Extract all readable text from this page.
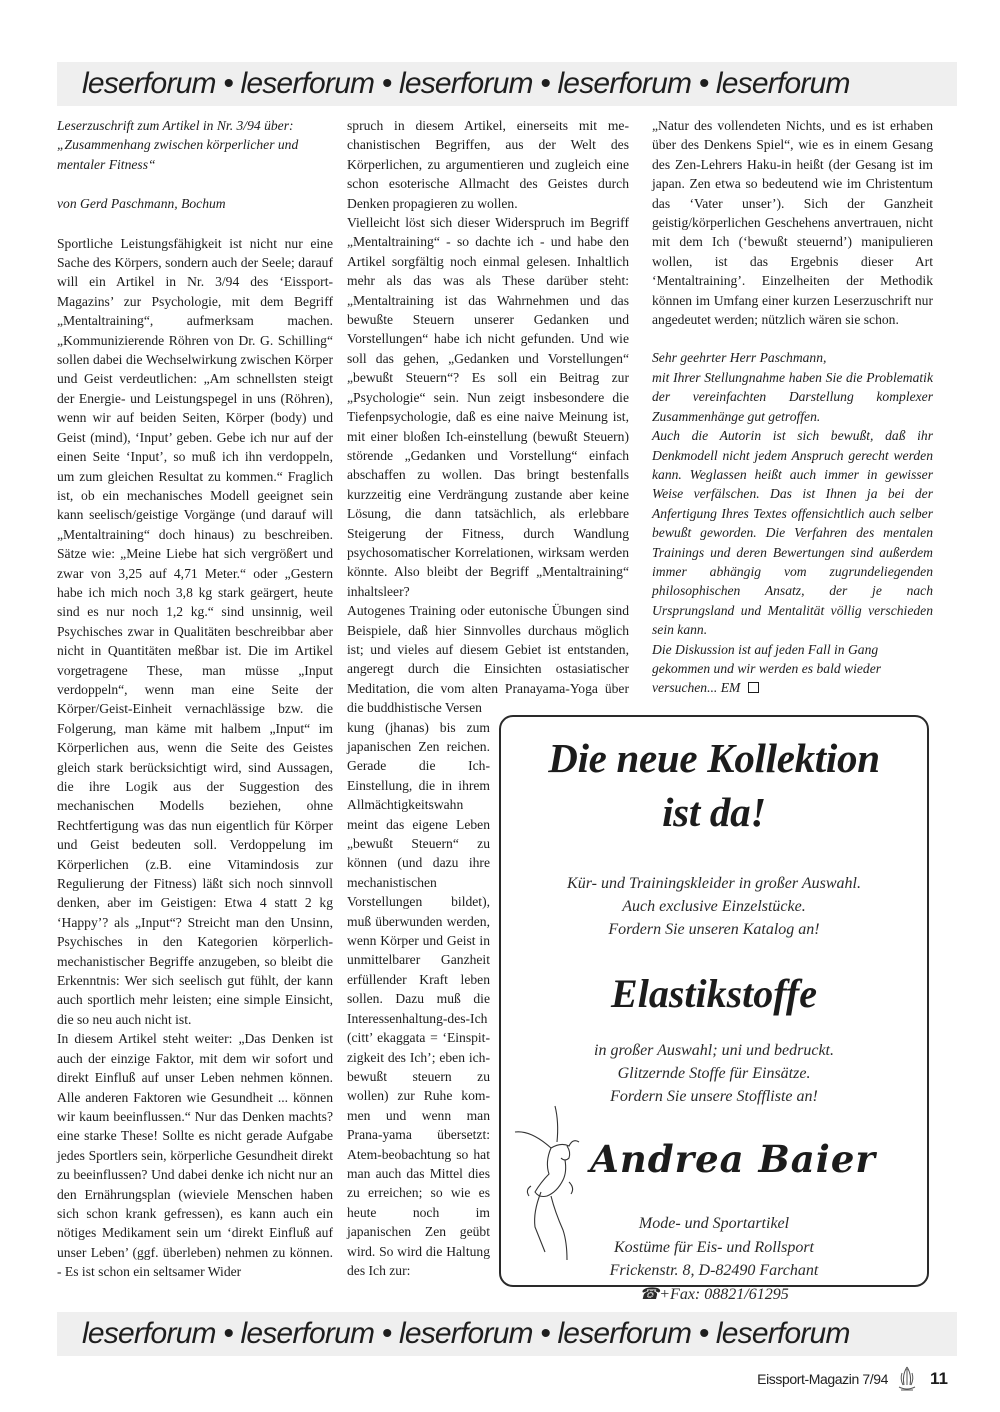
leserforum • leserforum • leserforum • leserforum • leserforum

Leserzuschrift zum Artikel in Nr. 3/94 über: „Zusammenhang zwischen körperlicher und mentaler Fitness“

von Gerd Paschmann, Bochum

Sportliche Leistungsfähigkeit ist nicht nur eine Sache des Körpers, sondern auch der Seele; darauf will ein Artikel in Nr. 3/94 des ‘Eissport-Magazins’ zur Psychologie, mit dem Begriff „Mentaltraining“, aufmerksam machen. „Kommunizierende Röhren von Dr. G. Schilling“ sollen dabei die Wechselwirkung zwischen Körper und Geist verdeutlichen: „Am schnellsten steigt der Energie- und Leistungspegel in uns (Röhren), wenn wir auf beiden Seiten, Körper (body) und Geist (mind), ‘Input’ geben. Gebe ich nur auf der einen Seite ‘Input’, so muß ich ihn verdoppeln, um zum gleichen Resultat zu kommen.“ Fraglich ist, ob ein mechanisches Modell geeignet sein kann seelisch/geistige Vorgänge (und darauf will „Mentaltraining“ doch hinaus) zu beschreiben. Sätze wie: „Meine Liebe hat sich vergrößert und zwar von 3,25 auf 4,71 Meter.“ oder „Gestern habe ich mich noch 3,8 kg stark geärgert, heute sind es nur noch 1,2 kg.“ sind unsinnig, weil Psychisches zwar in Qualitäten beschreibbar aber nicht in Quantitäten meßbar ist. Die im Artikel vorgetragene These, man müsse „Input verdoppeln“, wenn man eine Seite der Körper/Geist-Einheit vernachlässige bzw. die Folgerung, man käme mit halbem „Input“ im Körperlichen aus, wenn die Seite des Geistes gleich stark berücksichtigt wird, sind Aussagen, die ihre Logik aus der Suggestion des mechanischen Modells beziehen, ohne Rechtfertigung was das nun eigentlich für Körper und Geist bedeuten soll. Verdoppelung im Körperlichen (z.B. eine Vitamindosis zur Regulierung der Fitness) läßt sich noch sinnvoll denken, aber im Geistigen: Etwa 4 statt 2 kg ‘Happy’? als „Input“? Streicht man den Unsinn, Psychisches in den Kategorien körperlich-mechanistischer Begriffe anzugeben, so bleibt die Erkenntnis: Wer sich seelisch gut fühlt, der kann auch sportlich mehr leisten; eine simple Einsicht, die so neu auch nicht ist.

In diesem Artikel steht weiter: „Das Denken ist auch der einzige Faktor, mit dem wir sofort und direkt Einfluß auf unser Leben nehmen können. Alle anderen Faktoren wie Gesundheit ... können wir kaum beeinflussen.“ Nur das Denken machts? eine starke These! Sollte es nicht gerade Aufgabe jedes Sportlers sein, körperliche Gesundheit direkt zu beeinflussen? Und dabei denke ich nicht nur an den Ernährungsplan (wieviele Menschen haben sich schon krank gefressen), es kann auch ein nötiges Medikament sein um ‘direkt Einfluß auf unser Leben’ (ggf. überleben) nehmen zu können. - Es ist schon ein seltsamer Wider

spruch in diesem Artikel, einerseits mit mechanistischen Begriffen, aus der Welt des Körperlichen, zu argumentieren und zugleich eine schon esoterische Allmacht des Geistes durch Denken propagieren zu wollen.

Vielleicht löst sich dieser Widerspruch im Begriff „Mentaltraining“ - so dachte ich - und habe den Artikel sorgfältig noch einmal gelesen. Inhaltlich mehr als das was als These darüber steht: „Mentaltraining ist das Wahrnehmen und das bewußte Steuern unserer Gedanken und Vorstellungen“ habe ich nicht gefunden. Und wie soll das gehen, „Gedanken und Vorstellungen“ „bewußt Steuern“? Es soll ein Beitrag zur „Psychologie“ sein. Nun zeigt insbesondere die Tiefenpsychologie, daß es eine naive Meinung ist, mit einer bloßen Ich-einstellung (bewußt Steuern) störende „Gedanken und Vorstellung“ einfach abschaffen zu wollen. Das bringt bestenfalls kurzzeitig eine Verdrängung zustande aber keine Lösung, die dann tatsächlich, als erlebbare Steigerung der Fitness, durch Wandlung psychosomatischer Korrelationen, wirksam werden könnte. Also bleibt der Begriff „Mentaltraining“ inhaltsleer?

Autogenes Training oder eutonische Übungen sind Beispiele, daß hier Sinnvolles durchaus möglich ist; und vieles auf diesem Gebiet ist entstanden, angeregt durch die Einsichten ostasiatischer Meditation, die vom alten Pranayama-Yoga über die buddhistische Versen

kung (jhanas) bis zum japanischen Zen reichen. Gerade die Ich-Einstellung, die in ihrem Allmächtigkeitswahn meint das eigene Leben „bewußt Steuern“ zu können (und dazu ihre mechanistischen Vorstellungen bildet), muß überwunden werden, wenn Körper und Geist in unmittelbarer Ganzheit erfüllender Kraft leben sollen. Dazu muß die Interessenhaltung-des-Ich (citt’ ekaggata = ‘Einspitzigkeit des Ich’; eben ich-bewußt steuern zu wollen) zur Ruhe kommen und wenn man Prana-yama übersetzt: Atem-beobachtung so hat man auch das Mittel dies zu erreichen; so wie es heute noch im japanischen Zen geübt wird. So wird die Haltung des Ich zur:

„Natur des vollendeten Nichts, und es ist erhaben über des Denkens Spiel“, wie es in einem Gesang des Zen-Lehrers Haku-in heißt (der Gesang ist im japan. Zen etwa so bedeutend wie im Christentum das ‘Vater unser’). Sich der Ganzheit geistig/körperlichen Geschehens anvertrauen, nicht mit dem Ich (‘bewußt steuernd’) manipulieren wollen, ist das Ergebnis dieser Art ‘Mentaltraining’. Einzelheiten der Methodik können im Umfang einer kurzen Leserzuschrift nur angedeutet werden; nützlich wären sie schon.

Sehr geehrter Herr Paschmann,

mit Ihrer Stellungnahme haben Sie die Problematik der vereinfachten Darstellung komplexer Zusammenhänge gut getroffen.

Auch die Autorin ist sich bewußt, daß ihr Denkmodell nicht jedem Anspruch gerecht werden kann. Weglassen heißt auch immer in gewisser Weise verfälschen. Das ist Ihnen ja bei der Anfertigung Ihres Textes offensichtlich auch selber bewußt geworden. Die Verfahren des mentalen Trainings und deren Bewertungen sind außerdem immer abhängig vom zugrundeliegenden philosophischen Ansatz, der je nach Ursprungsland und Mentalität völlig verschieden sein kann.

Die Diskussion ist auf jeden Fall in Gang gekommen und wir werden es bald wieder versuchen... EM

Die neue Kollektion
ist da!
Kür- und Trainingskleider in großer Auswahl.
Auch exclusive Einzelstücke.
Fordern Sie unseren Katalog an!
Elastikstoffe
in großer Auswahl; uni und bedruckt.
Glitzernde Stoffe für Einsätze.
Fordern Sie unsere Stoffliste an!
Andrea Baier
Mode- und Sportartikel
Kostüme für Eis- und Rollsport
Frickenstr. 8, D-82490 Farchant
☎+Fax: 08821/61295
leserforum • leserforum • leserforum • leserforum • leserforum
Eissport-Magazin 7/94 11
